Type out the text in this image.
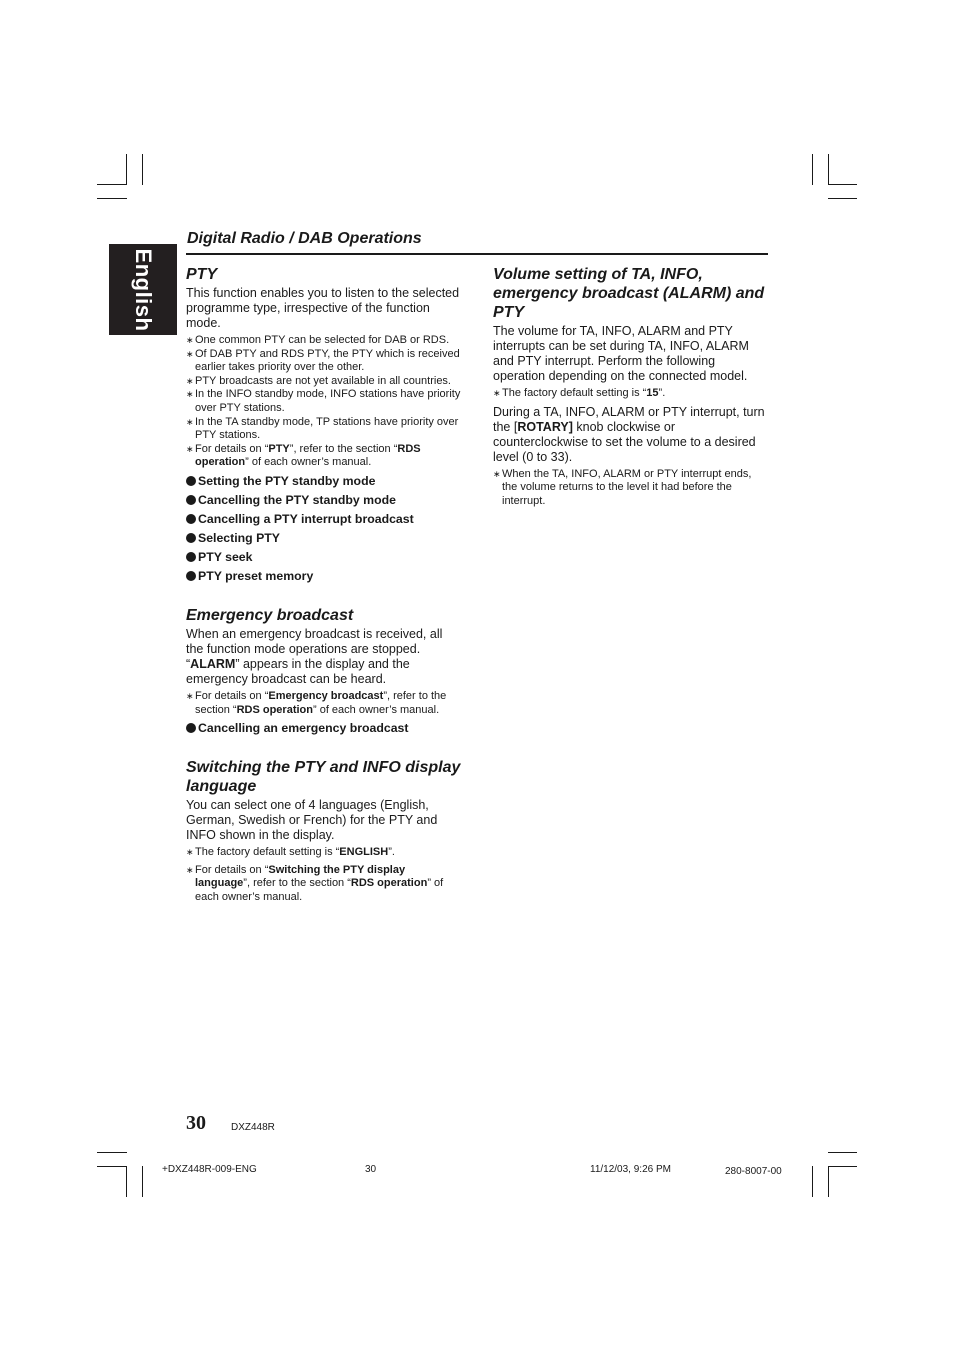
English
Digital Radio / DAB Operations
PTY

This function enables you to listen to the selected programme type, irrespective of the function mode.

∗ One common PTY can be selected for DAB or RDS.
∗ Of DAB PTY and RDS PTY, the PTY which is received earlier takes priority over the other.
∗ PTY broadcasts are not yet available in all countries.
∗ In the INFO standby mode, INFO stations have priority over PTY stations.
∗ In the TA standby mode, TP stations have priority over PTY stations.
∗ For details on “PTY”, refer to the section “RDS operation” of each owner’s manual.
Setting the PTY standby mode
Cancelling the PTY standby mode
Cancelling a PTY interrupt broadcast
Selecting PTY
PTY seek
PTY preset memory
Emergency broadcast

When an emergency broadcast is received, all the function mode operations are stopped. “ALARM” appears in the display and the emergency broadcast can be heard.

∗ For details on “Emergency broadcast”, refer to the section “RDS operation” of each owner’s manual.
Cancelling an emergency broadcast
Switching the PTY and INFO display language

You can select one of 4 languages (English, German, Swedish or French) for the PTY and INFO shown in the display.

∗ The factory default setting is “ENGLISH”.
∗ For details on “Switching the PTY display language”, refer to the section “RDS operation” of each owner’s manual.
Volume setting of TA, INFO, emergency broadcast (ALARM) and PTY

The volume for TA, INFO, ALARM and PTY interrupts can be set during TA, INFO, ALARM and PTY interrupt. Perform the following operation depending on the connected model.

∗ The factory default setting is “15”.

During a TA, INFO, ALARM or PTY interrupt, turn the [ROTARY] knob clockwise or counterclockwise to set the volume to a desired level (0 to 33).

∗ When the TA, INFO, ALARM or PTY interrupt ends, the volume returns to the level it had before the interrupt.
30	DXZ448R
+DXZ448R-009-ENG	30	11/12/03, 9:26 PM	280-8007-00
